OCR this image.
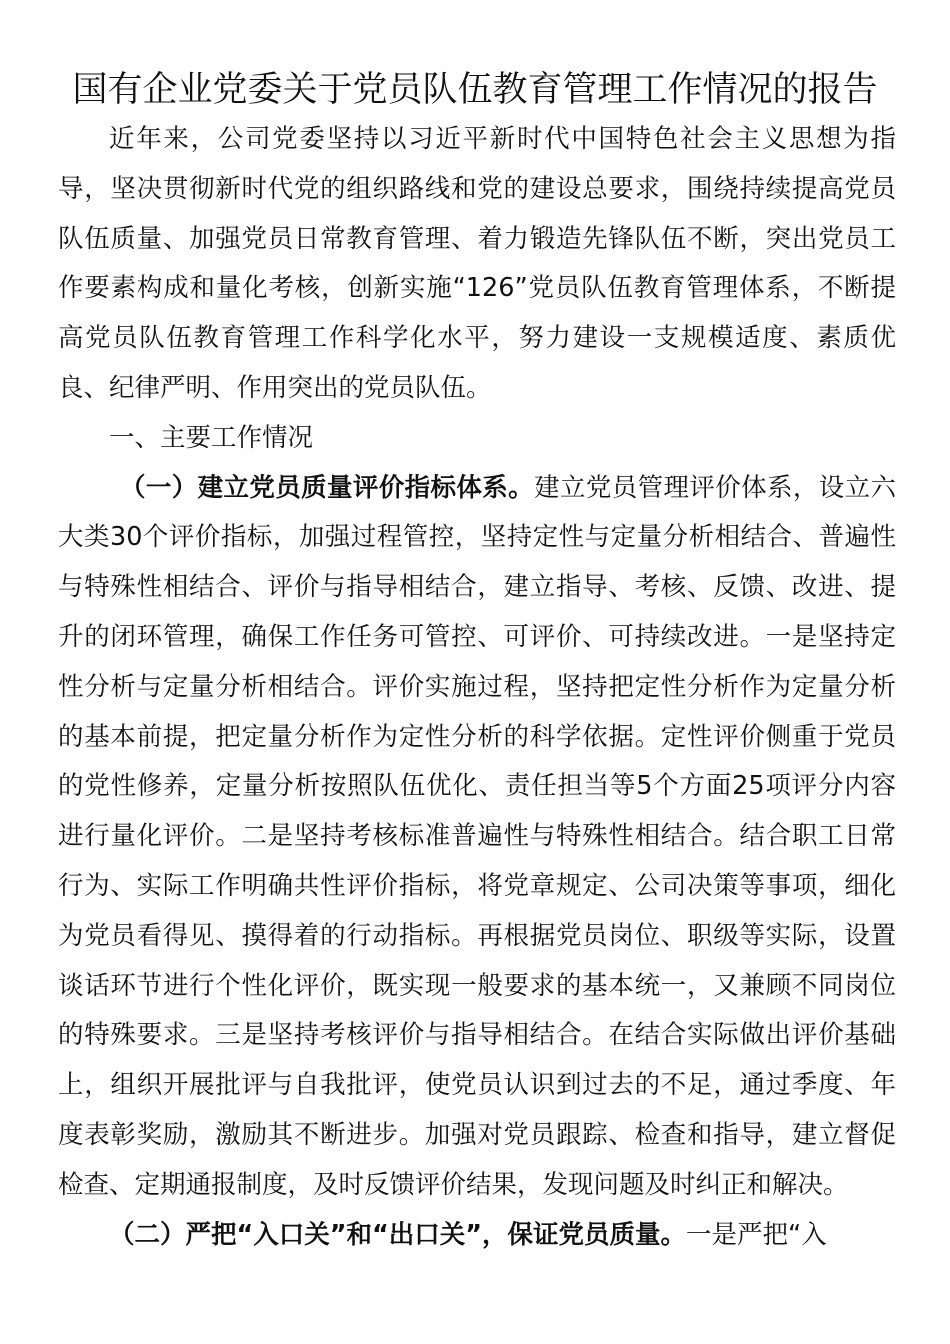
国有企业党委关于党员队伍教育管理工作情况的报告

近年来，公司党委坚持以习近平新时代中国特色社会主义思想为指导，坚决贯彻新时代党的组织路线和党的建设总要求，围绕持续提高党员队伍质量、加强党员日常教育管理、着力锻造先锋队伍不断，突出党员工作要素构成和量化考核，创新实施“126”党员队伍教育管理体系，不断提高党员队伍教育管理工作科学化水平，努力建设一支规模适度、素质优良、纪律严明、作用突出的党员队伍。

一、主要工作情况

（一）建立党员质量评价指标体系。建立党员管理评价体系，设立六大类30个评价指标，加强过程管控，坚持定性与定量分析相结合、普遍性与特殊性相结合、评价与指导相结合，建立指导、考核、反馈、改进、提升的闭环管理，确保工作任务可管控、可评价、可持续改进。一是坚持定性分析与定量分析相结合。评价实施过程，坚持把定性分析作为定量分析的基本前提，把定量分析作为定性分析的科学依据。定性评价侧重于党员的党性修养，定量分析按照队伍优化、责任担当等5个方面25项评分内容进行量化评价。二是坚持考核标准普遍性与特殊性相结合。结合职工日常行为、实际工作明确共性评价指标，将党章规定、公司决策等事项，细化为党员看得见、摸得着的行动指标。再根据党员岗位、职级等实际，设置谈话环节进行个性化评价，既实现一般要求的基本统一，又兼顾不同岗位的特殊要求。三是坚持考核评价与指导相结合。在结合实际做出评价基础上，组织开展批评与自我批评，使党员认识到过去的不足，通过季度、年度表彰奖励，激励其不断进步。加强对党员跟踪、检查和指导，建立督促检查、定期通报制度，及时反馈评价结果，发现问题及时纠正和解决。

（二）严把“入口关”和“出口关”，保证党员质量。一是严把“入
